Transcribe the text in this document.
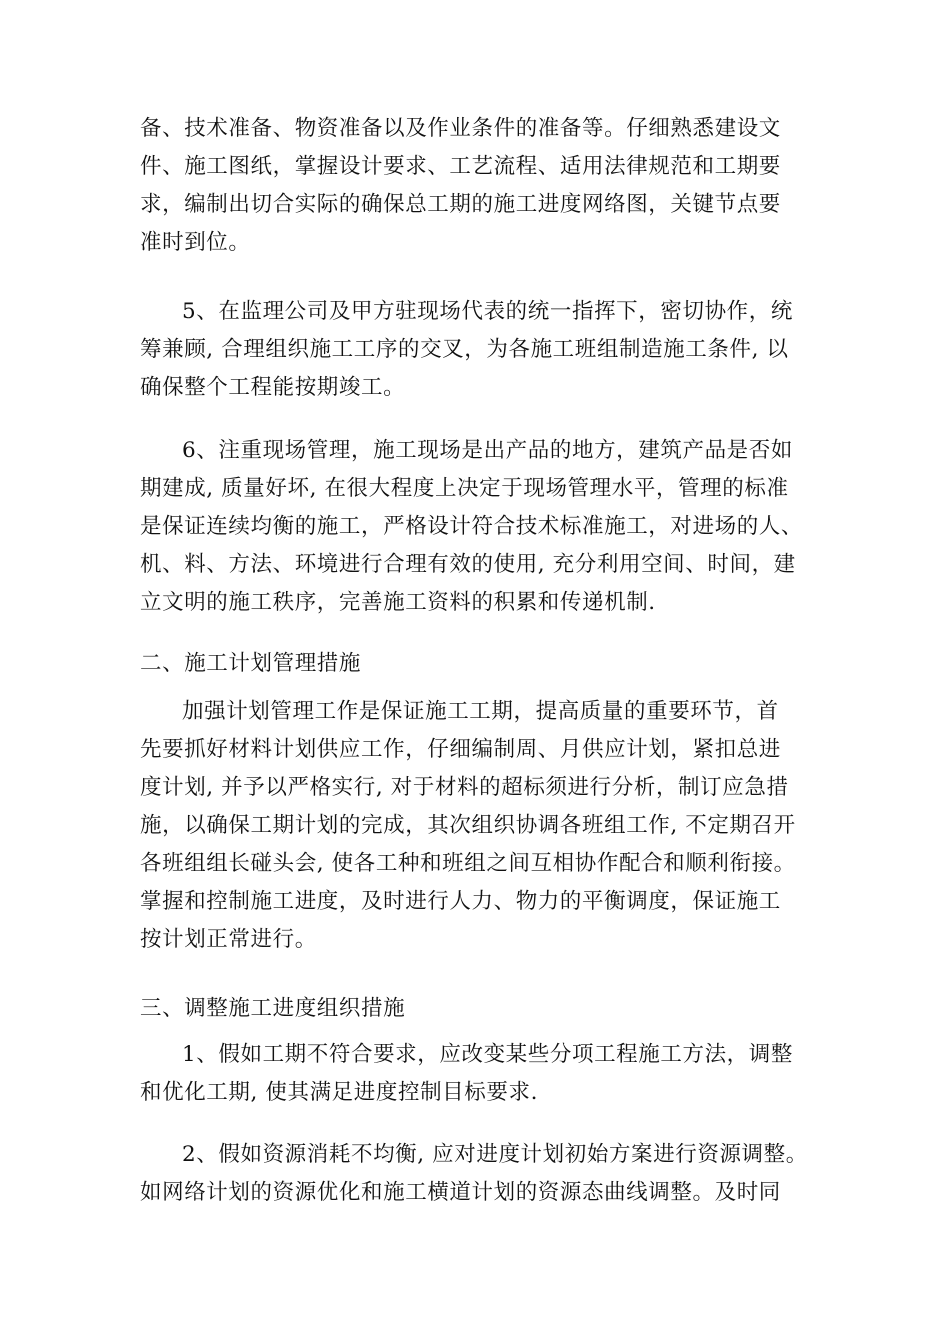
备、技术准备、物资准备以及作业条件的准备等。仔细熟悉建设文
件、施工图纸，掌握设计要求、工艺流程、适用法律规范和工期要
求，编制出切合实际的确保总工期的施工进度网络图，关键节点要
准时到位。
5、在监理公司及甲方驻现场代表的统一指挥下，密切协作，统
筹兼顾, 合理组织施工工序的交叉，为各施工班组制造施工条件, 以
确保整个工程能按期竣工。
6、注重现场管理，施工现场是出产品的地方，建筑产品是否如
期建成, 质量好坏, 在很大程度上决定于现场管理水平，管理的标准
是保证连续均衡的施工，严格设计符合技术标准施工，对进场的人、
机、料、方法、环境进行合理有效的使用, 充分利用空间、时间，建
立文明的施工秩序，完善施工资料的积累和传递机制.
二、施工计划管理措施
加强计划管理工作是保证施工工期，提高质量的重要环节，首
先要抓好材料计划供应工作，仔细编制周、月供应计划，紧扣总进
度计划, 并予以严格实行, 对于材料的超标须进行分析，制订应急措
施，以确保工期计划的完成，其次组织协调各班组工作, 不定期召开
各班组组长碰头会, 使各工种和班组之间互相协作配合和顺利衔接。
掌握和控制施工进度，及时进行人力、物力的平衡调度，保证施工
按计划正常进行。
三、调整施工进度组织措施
1、假如工期不符合要求，应改变某些分项工程施工方法，调整
和优化工期, 使其满足进度控制目标要求.
2、假如资源消耗不均衡, 应对进度计划初始方案进行资源调整。
如网络计划的资源优化和施工横道计划的资源态曲线调整。及时同
